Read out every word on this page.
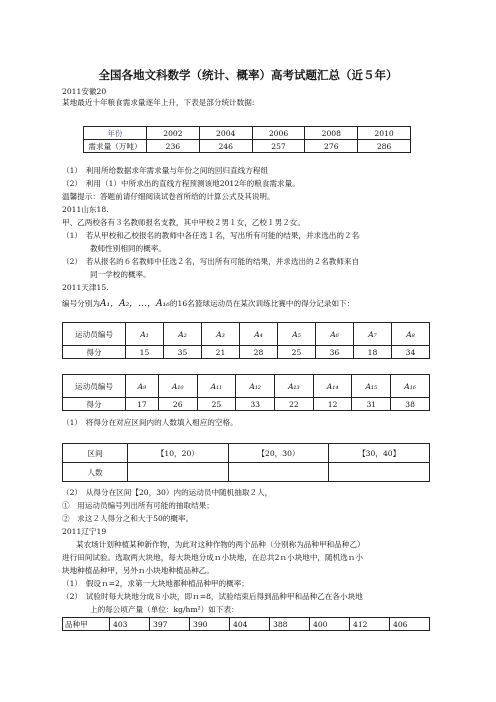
全国各地文科数学（统计、概率）高考试题汇总（近５年）
2011安徽20
某地最近十年粮食需求量逐年上升，下表是部分统计数据:
年份	2002	2004	2006	2008	2010
需求量（万吨）	236	246	257	276	286
（1）　利用所给数据求年需求量与年份之间的回归直线方程组
（2）　利用（1）中所求出的直线方程预测该地2012年的粮食需求量。
温馨提示：答题前请仔细阅读试卷首所给的计算公式及其说明。
2011山东18.
甲、乙两校各有３名教师报名支教，其中甲校２男１女，乙校１男２女。
（1）　若从甲校和乙校报名的教师中各任选１名，写出所有可能的结果，并求选出的２名
教师性别相同的概率。
（2）　若从报名的６名教师中任选２名，写出所有可能的结果，并求选出的２名教师来自
同一学校的概率。
2011天津15.
编号分别为A₁，A₂，…，A₁₆的16名篮球运动员在某次训练比赛中的得分记录如下：
运动员编号	A₁	A₂	A₃	A₄	A₅	A₆	A₇	A₈
得分	15	35	21	28	25	36	18	34
运动员编号	A₉	A₁₀	A₁₁	A₁₂	A₁₃	A₁₄	A₁₅	A₁₆
得分	17	26	25	33	22	12	31	38
（1）　将得分在对应区间内的人数填入相应的空格。
区间	【10，20）	【20，30）	【30，40】
人数			
（2）　从得分在区间【20，30）内的运动员中随机抽取２人，
①　用运动员编号列出所有可能的抽取结果；
②　求这２人得分之和大于50的概率。
2011辽宁19
某农场计划种植某种新作物，为此对这种作物的两个品种（分别称为品种甲和品种乙）
进行田间试验。选取两大块地，每大块地分成ｎ小块地，在总共2ｎ小块地中，随机选ｎ小
块地种植品种甲，另外ｎ小块地种植品种乙。
（1）　假设ｎ=2，求第一大块地都种植品种甲的概率；
（2）　试验时每大块地分成８小块，即ｎ=8，试验结束后得到品种甲和品种乙在各小块地
上的每公顷产量（单位：kg/hm²）如下表：
品种甲	403	397	390	404	388	400	412	406
